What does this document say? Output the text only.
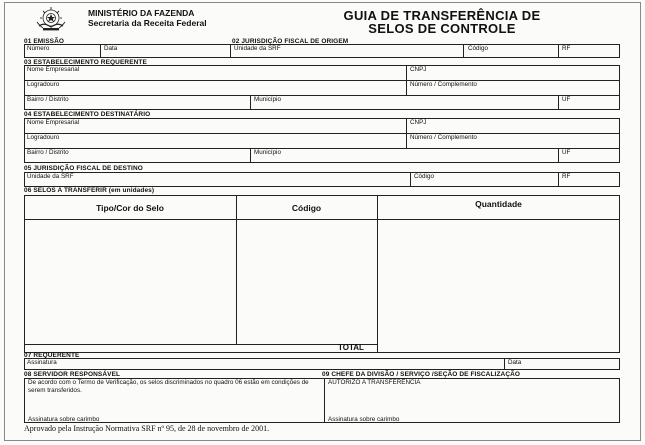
MINISTÉRIO DA FAZENDA
Secretaria da Receita Federal	GUIA DE TRANSFERÊNCIA DE
SELOS DE CONTROLE
01 EMISSÃO	02 JURISDIÇÃO FISCAL DE ORIGEM
Número	Data	Unidade da SRF	Código	RF
03 ESTABELECIMENTO REQUERENTE
Nome Empresarial	CNPJ
Logradouro	Número / Complemento
Bairro / Distrito	Município	UF
04 ESTABELECIMENTO DESTINATÁRIO
Nome Empresarial	CNPJ
Logradouro	Número / Complemento
Bairro / Distrito	Município	UF
05 JURISDIÇÃO FISCAL DE DESTINO
Unidade da SRF	Código	RF
06 SELOS A TRANSFERIR (em unidades)
Tipo/Cor do Selo	Código	Quantidade
TOTAL
07 REQUERENTE
Assinatura	Data
08 SERVIDOR RESPONSÁVEL	09 CHEFE DA DIVISÃO / SERVIÇO /SEÇÃO DE FISCALIZAÇÃO
De acordo com o Termo de Verificação, os selos discriminados no quadro 06 estão em condições de serem transferidos.
Assinatura sobre carimbo
AUTORIZO A TRANSFERÊNCIA
Assinatura sobre carimbo
Aprovado pela Instrução Normativa SRF nº 95, de 28 de novembro de 2001.
